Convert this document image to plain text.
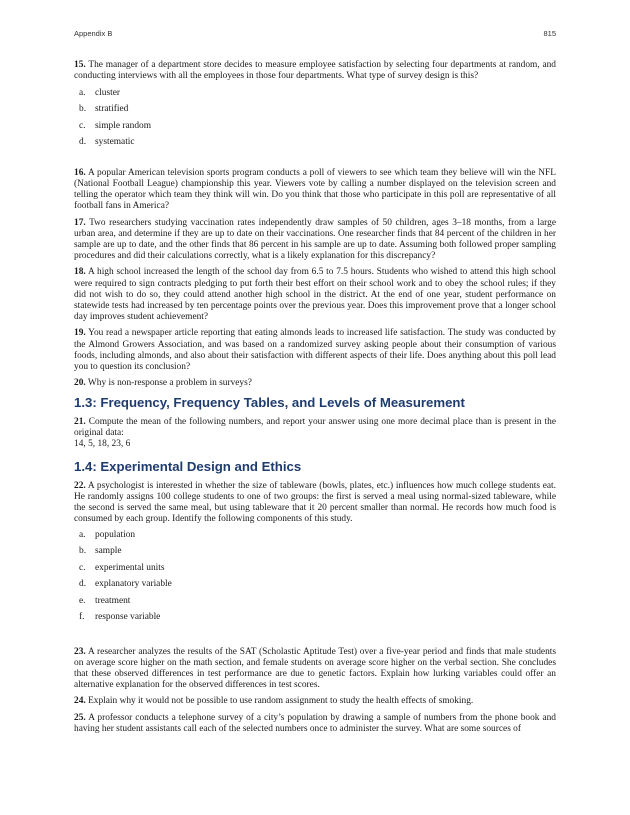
Appendix B	815

15. The manager of a department store decides to measure employee satisfaction by selecting four departments at random, and conducting interviews with all the employees in those four departments. What type of survey design is this?

a. cluster
b. stratified
c. simple random
d. systematic

16. A popular American television sports program conducts a poll of viewers to see which team they believe will win the NFL (National Football League) championship this year. Viewers vote by calling a number displayed on the television screen and telling the operator which team they think will win. Do you think that those who participate in this poll are representative of all football fans in America?

17. Two researchers studying vaccination rates independently draw samples of 50 children, ages 3–18 months, from a large urban area, and determine if they are up to date on their vaccinations. One researcher finds that 84 percent of the children in her sample are up to date, and the other finds that 86 percent in his sample are up to date. Assuming both followed proper sampling procedures and did their calculations correctly, what is a likely explanation for this discrepancy?

18. A high school increased the length of the school day from 6.5 to 7.5 hours. Students who wished to attend this high school were required to sign contracts pledging to put forth their best effort on their school work and to obey the school rules; if they did not wish to do so, they could attend another high school in the district. At the end of one year, student performance on statewide tests had increased by ten percentage points over the previous year. Does this improvement prove that a longer school day improves student achievement?

19. You read a newspaper article reporting that eating almonds leads to increased life satisfaction. The study was conducted by the Almond Growers Association, and was based on a randomized survey asking people about their consumption of various foods, including almonds, and also about their satisfaction with different aspects of their life. Does anything about this poll lead you to question its conclusion?

20. Why is non-response a problem in surveys?

1.3: Frequency, Frequency Tables, and Levels of Measurement

21. Compute the mean of the following numbers, and report your answer using one more decimal place than is present in the original data:

14, 5, 18, 23, 6
1.4: Experimental Design and Ethics

22. A psychologist is interested in whether the size of tableware (bowls, plates, etc.) influences how much college students eat. He randomly assigns 100 college students to one of two groups: the first is served a meal using normal-sized tableware, while the second is served the same meal, but using tableware that it 20 percent smaller than normal. He records how much food is consumed by each group. Identify the following components of this study.

a. population
b. sample
c. experimental units
d. explanatory variable
e. treatment
f. response variable

23. A researcher analyzes the results of the SAT (Scholastic Aptitude Test) over a five-year period and finds that male students on average score higher on the math section, and female students on average score higher on the verbal section. She concludes that these observed differences in test performance are due to genetic factors. Explain how lurking variables could offer an alternative explanation for the observed differences in test scores.

24. Explain why it would not be possible to use random assignment to study the health effects of smoking.

25. A professor conducts a telephone survey of a city’s population by drawing a sample of numbers from the phone book and having her student assistants call each of the selected numbers once to administer the survey. What are some sources of
